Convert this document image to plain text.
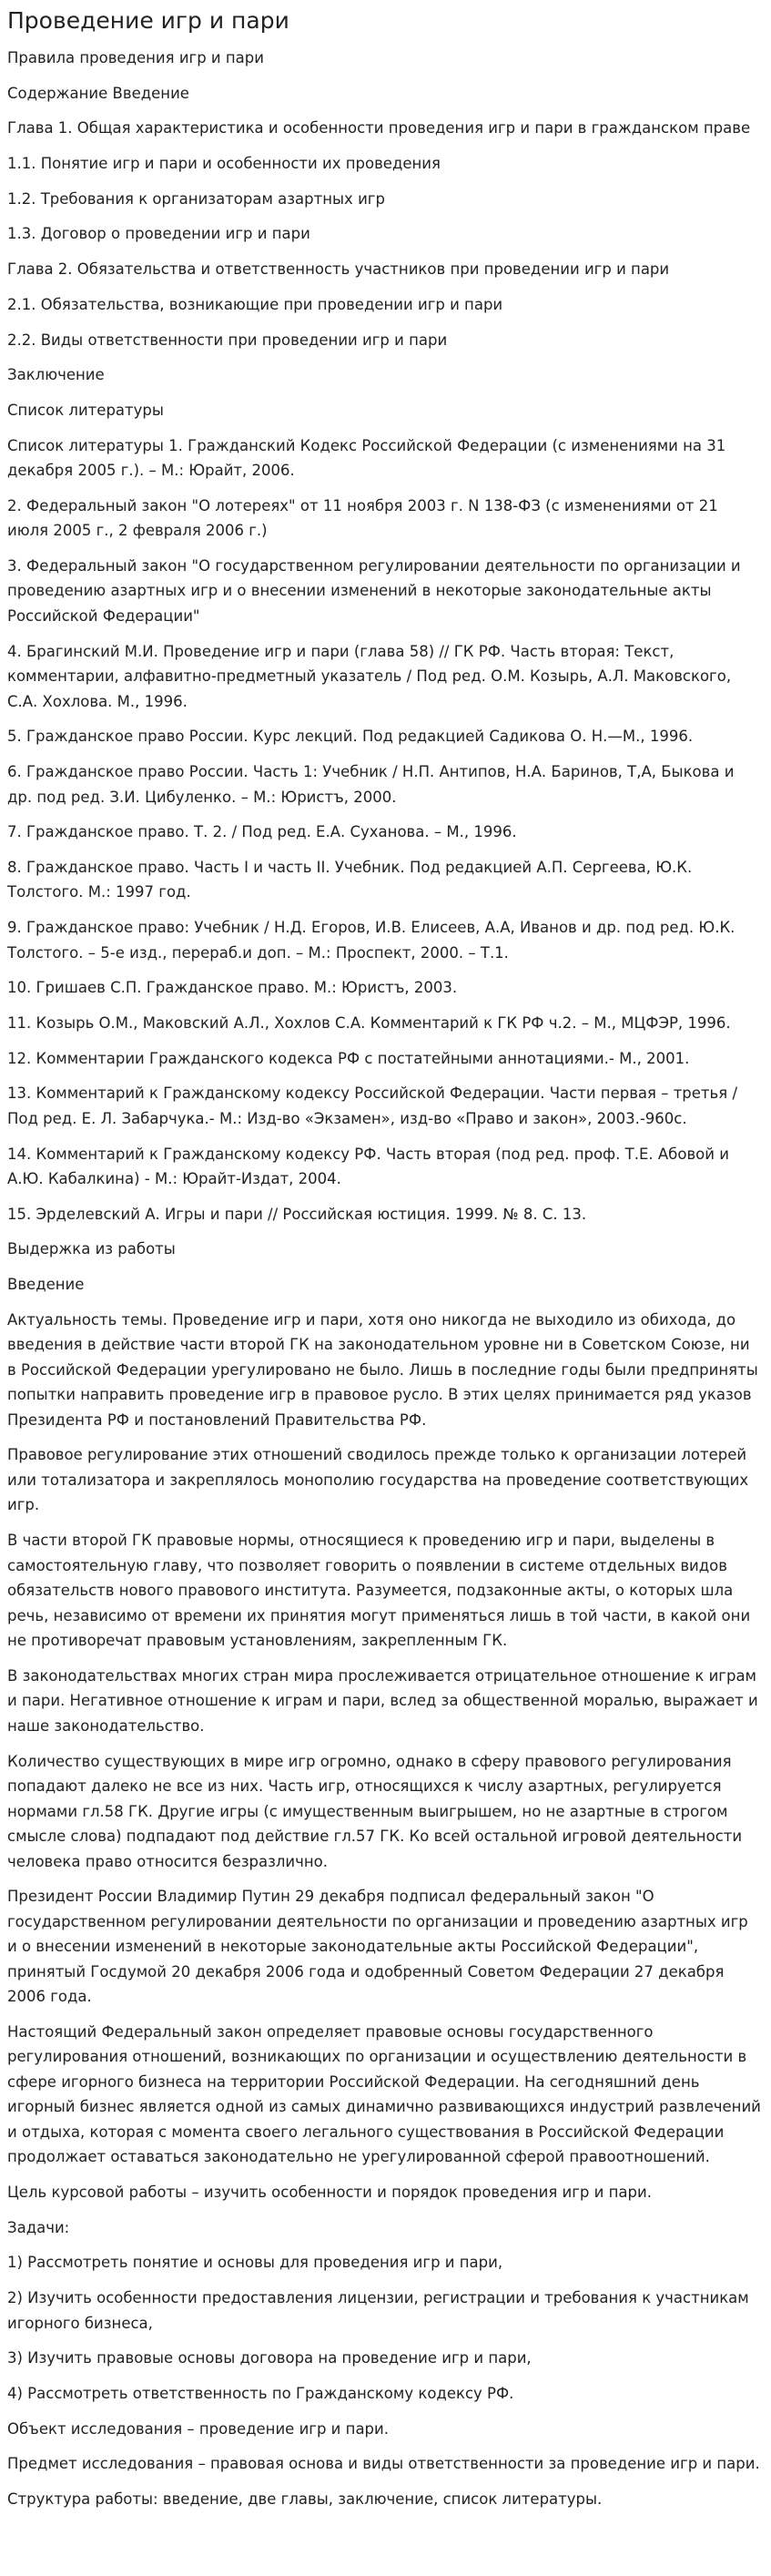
Проведение игр и пари

Правила проведения игр и пари

Содержание Введение

Глава 1. Общая характеристика и особенности проведения игр и пари в гражданском праве

1.1. Понятие игр и пари и особенности их проведения

1.2. Требования к организаторам азартных игр

1.3. Договор о проведении игр и пари

Глава 2. Обязательства и ответственность участников при проведении игр и пари

2.1. Обязательства, возникающие при проведении игр и пари

2.2. Виды ответственности при проведении игр и пари

Заключение

Список литературы

Список литературы 1. Гражданский Кодекс Российской Федерации (с изменениями на 31 декабря 2005 г.). – М.: Юрайт, 2006.

2. Федеральный закон "О лотереях" от 11 ноября 2003 г. N 138-ФЗ (с изменениями от 21 июля 2005 г., 2 февраля 2006 г.)

3. Федеральный закон "О государственном регулировании деятельности по организации и проведению азартных игр и о внесении изменений в некоторые законодательные акты Российской Федерации"

4. Брагинский М.И. Проведение игр и пари (глава 58) // ГК РФ. Часть вторая: Текст, комментарии, алфавитно-предметный указатель / Под ред. О.М. Козырь, А.Л. Маковского, С.А. Хохлова. М., 1996.

5. Гражданское право России. Курс лекций. Под редакцией Садикова О. Н.—М., 1996.

6. Гражданское право России. Часть 1: Учебник / Н.П. Антипов, Н.А. Баринов, Т,А, Быкова и др. под ред. З.И. Цибуленко. – М.: Юристъ, 2000.

7. Гражданское право. Т. 2. / Под ред. Е.А. Суханова. – М., 1996.

8. Гражданское право. Часть I и часть II. Учебник. Под редакцией А.П. Сергеева, Ю.К. Толстого. М.: 1997 год.

9. Гражданское право: Учебник / Н.Д. Егоров, И.В. Елисеев, А.А, Иванов и др. под ред. Ю.К. Толстого. – 5-е изд., перераб.и доп. – М.: Проспект, 2000. – Т.1.

10. Гришаев С.П. Гражданское право. М.: Юристъ, 2003.

11. Козырь О.М., Маковский А.Л., Хохлов С.А. Комментарий к ГК РФ ч.2. – М., МЦФЭР, 1996.

12. Комментарии Гражданского кодекса РФ с постатейными аннотациями.- М., 2001.

13. Комментарий к Гражданскому кодексу Российской Федерации. Части первая – третья / Под ред. Е. Л. Забарчука.- М.: Изд-во «Экзамен», изд-во «Право и закон», 2003.-960с.

14. Комментарий к Гражданскому кодексу РФ. Часть вторая (под ред. проф. Т.Е. Абовой и А.Ю. Кабалкина) - М.: Юрайт-Издат, 2004.

15. Эрделевский А. Игры и пари // Российская юстиция. 1999. № 8. С. 13.

Выдержка из работы

Введение

Актуальность темы. Проведение игр и пари, хотя оно никогда не выходило из обихода, до введения в действие части второй ГК на законодательном уровне ни в Советском Союзе, ни в Российской Федерации урегулировано не было. Лишь в последние годы были предприняты попытки направить проведение игр в правовое русло. В этих целях принимается ряд указов Президента РФ и постановлений Правительства РФ.

Правовое регулирование этих отношений сводилось прежде только к организации лотерей или тотализатора и закреплялось монополию государства на проведение соответствующих игр.

В части второй ГК правовые нормы, относящиеся к проведению игр и пари, выделены в самостоятельную главу, что позволяет говорить о появлении в системе отдельных видов обязательств нового правового института. Разумеется, подзаконные акты, о которых шла речь, независимо от времени их принятия могут применяться лишь в той части, в какой они не противоречат правовым установлениям, закрепленным ГК.

В законодательствах многих стран мира прослеживается отрицательное отношение к играм и пари. Негативное отношение к играм и пари, вслед за общественной моралью, выражает и наше законодательство.

Количество существующих в мире игр огромно, однако в сферу правового регулирования попадают далеко не все из них. Часть игр, относящихся к числу азартных, регулируется нормами гл.58 ГК. Другие игры (с имущественным выигрышем, но не азартные в строгом смысле слова) подпадают под действие гл.57 ГК. Ко всей остальной игровой деятельности человека право относится безразлично.

Президент России Владимир Путин 29 декабря подписал федеральный закон "О государственном регулировании деятельности по организации и проведению азартных игр и о внесении изменений в некоторые законодательные акты Российской Федерации", принятый Госдумой 20 декабря 2006 года и одобренный Советом Федерации 27 декабря 2006 года.

Настоящий Федеральный закон определяет правовые основы государственного регулирования отношений, возникающих по организации и осуществлению деятельности в сфере игорного бизнеса на территории Российской Федерации. На сегодняшний день игорный бизнес является одной из самых динамично развивающихся индустрий развлечений и отдыха, которая с момента своего легального существования в Российской Федерации продолжает оставаться законодательно не урегулированной сферой правоотношений.

Цель курсовой работы – изучить особенности и порядок проведения игр и пари.

Задачи:

1) Рассмотреть понятие и основы для проведения игр и пари,

2) Изучить особенности предоставления лицензии, регистрации и требования к участникам игорного бизнеса,

3) Изучить правовые основы договора на проведение игр и пари,

4) Рассмотреть ответственность по Гражданскому кодексу РФ.

Объект исследования – проведение игр и пари.

Предмет исследования – правовая основа и виды ответственности за проведение игр и пари.

Структура работы: введение, две главы, заключение, список литературы.
